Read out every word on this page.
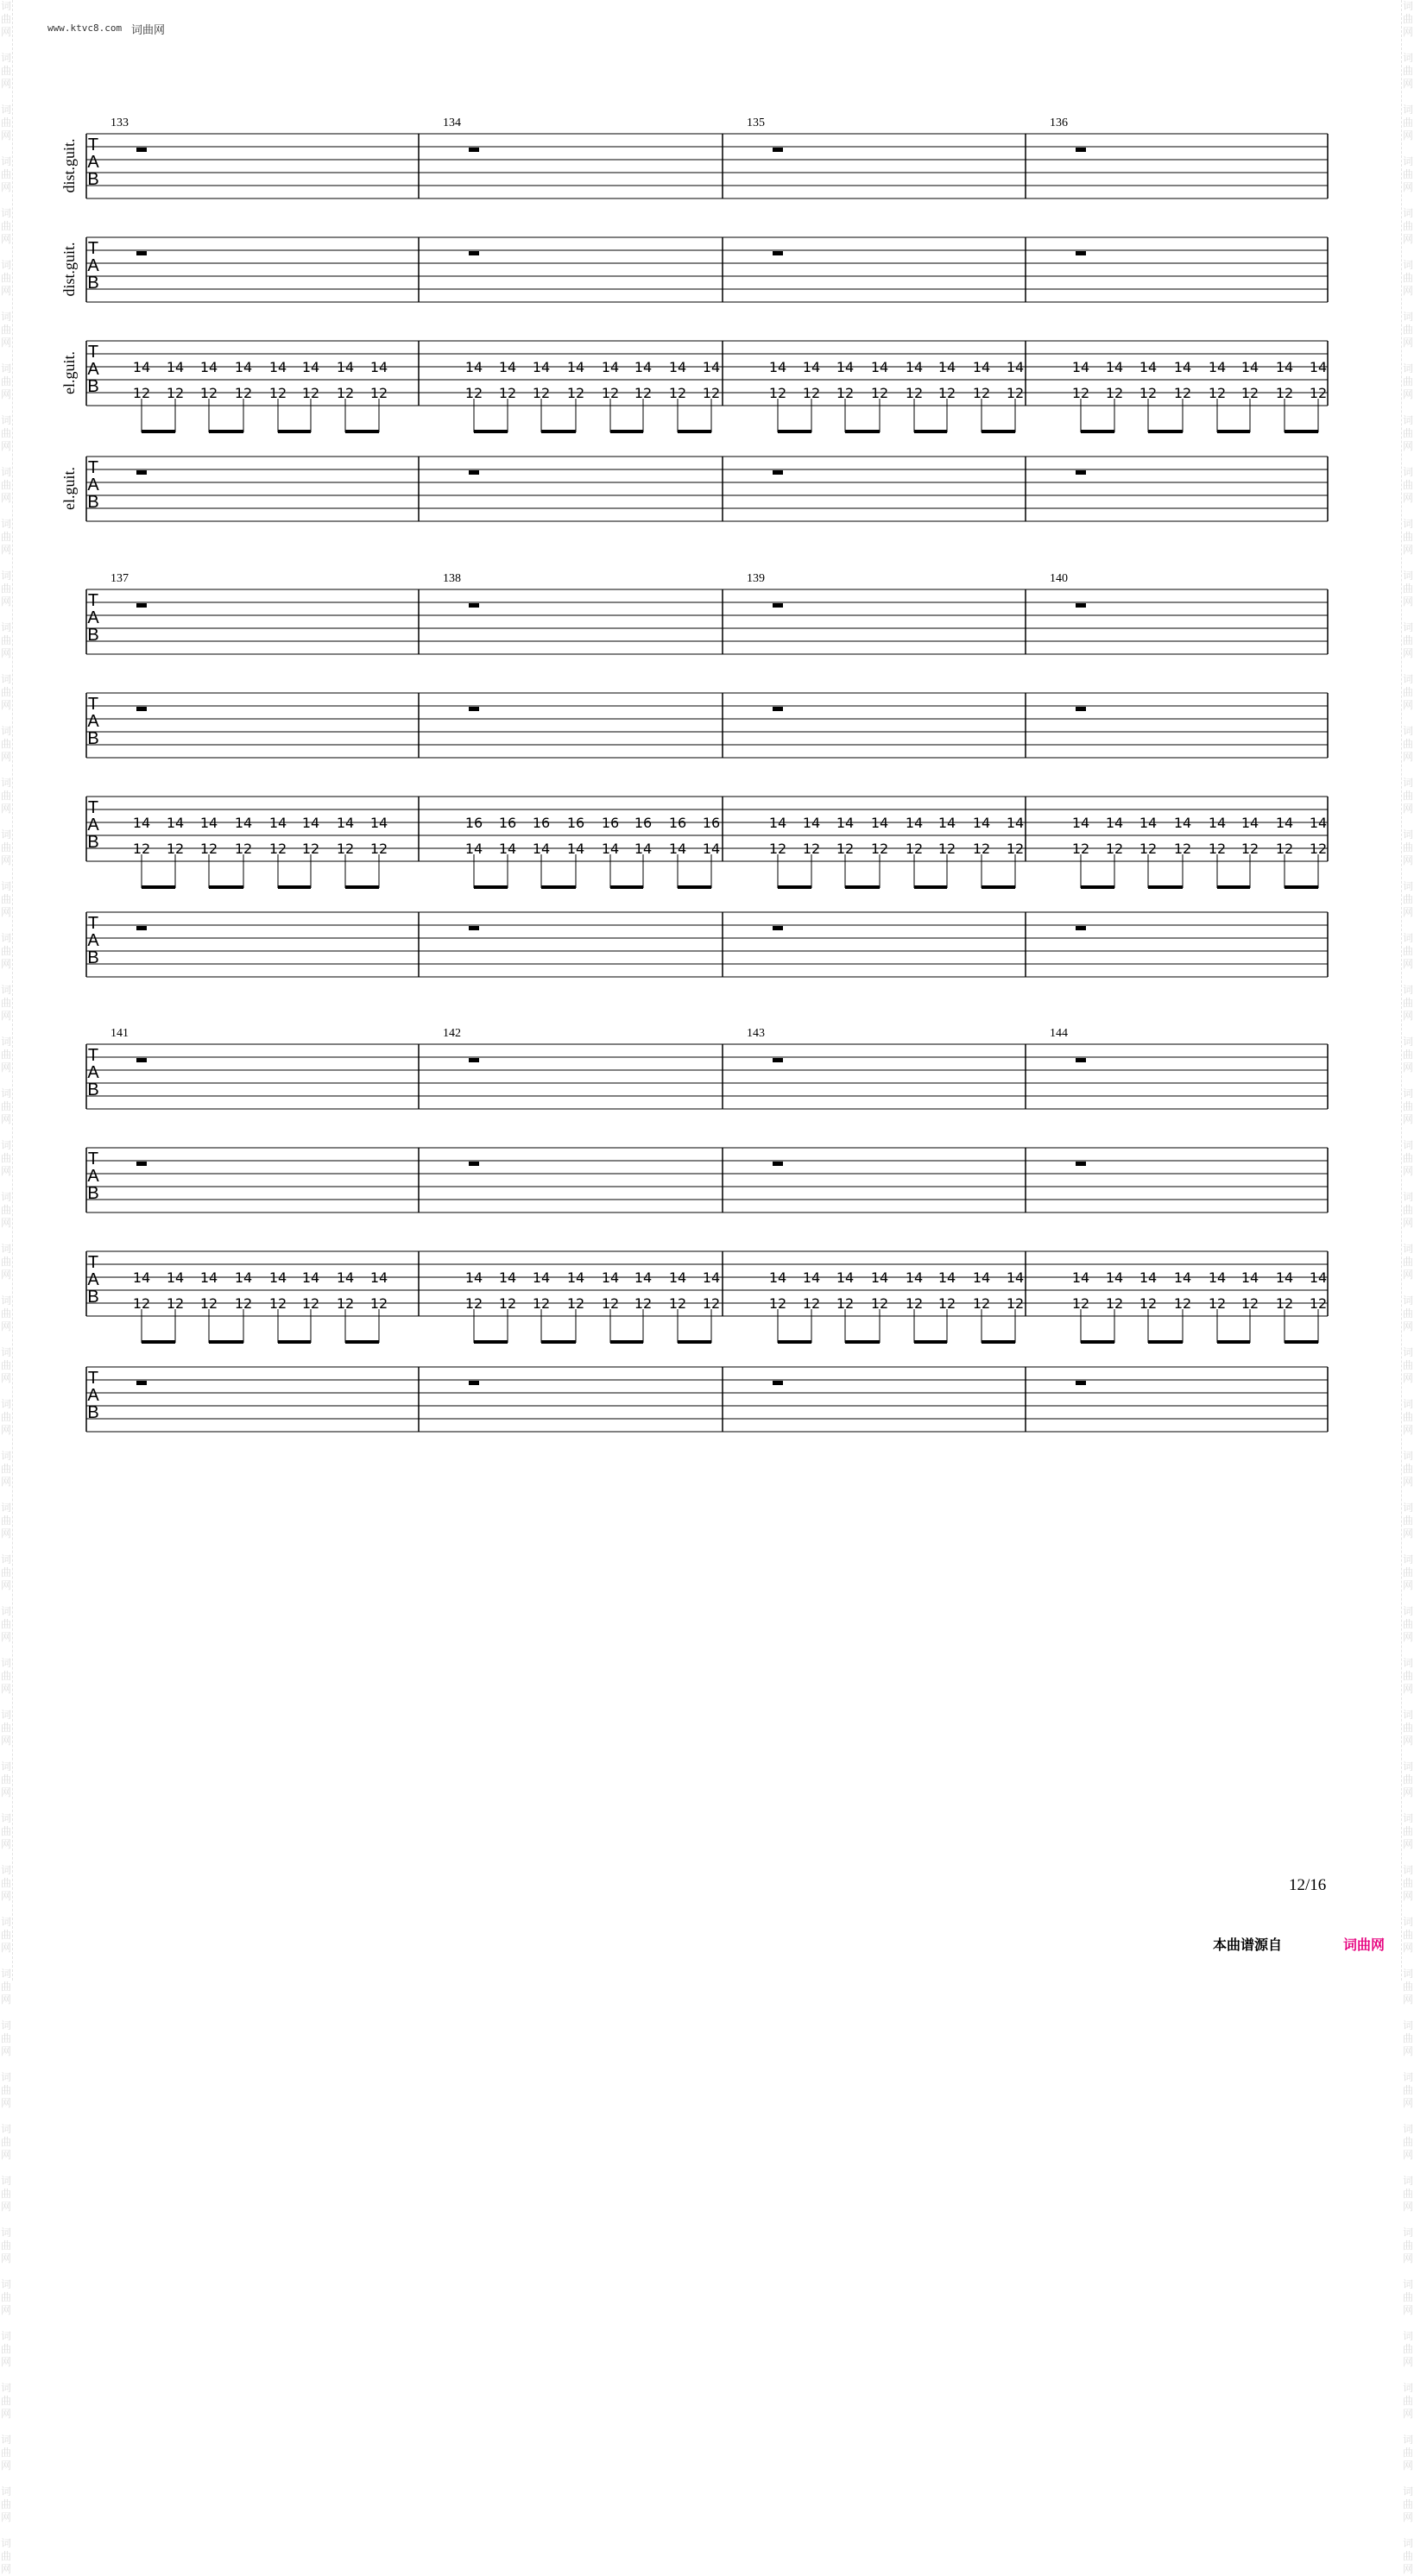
词
曲
网
词
曲
网
词
曲
网
词
曲
网
词
曲
网
词
曲
网
词
曲
网
词
曲
网
词
曲
网
词
曲
网
词
曲
网
词
曲
网
词
曲
网
词
曲
网
词
曲
网
词
曲
网
词
曲
网
词
曲
网
词
曲
网
词
曲
网
词
曲
网
词
曲
网
词
曲
网
词
曲
网
词
曲
网
词
曲
网
词
曲
网
词
曲
网
词
曲
网
词
曲
网
词
曲
网
词
曲
网
词
曲
网
词
曲
网
词
曲
网
词
曲
网
词
曲
网
词
曲
网
词
曲
网
词
曲
网
词
曲
网
词
曲
网
词
曲
网
词
曲
网
词
曲
网
词
曲
网
词
曲
网
词
曲
网
词
曲
网
词
曲
网
词
曲
网
词
曲
网
词
曲
网
词
曲
网
词
曲
网
词
曲
网
词
曲
网
词
曲
网
词
曲
网
词
曲
网
词
曲
网
词
曲
网
词
曲
网
词
曲
网
词
曲
网
词
曲
网
词
曲
网
词
曲
网
词
曲
网
词
曲
网
词
曲
网
词
曲
网
词
曲
网
词
曲
网
词
曲
网
词
曲
网
词
曲
网
词
曲
网
词
曲
网
词
曲
网
词
曲
网
词
曲
网
词
曲
网
词
曲
网
词
曲
网
词
曲
网
词
曲
网
词
曲
网
词
曲
网
词
曲
网
词
曲
网
词
曲
网
词
曲
网
词
曲
网
词
曲
网
词
曲
网
词
曲
网
词
曲
网
词
曲
网
词
曲
网
www.ktvc8.com 词曲网
133	134	135	136
T
A
B
dist.guit.
T
A
B
dist.guit.
T
A
B
el.guit.	14
12
14
12
14
12
14
12
14
12
14
12
14
12
14
12
14
12
14
12
14
12
14
12
14
12
14
12
14
12
14
12
14
12
14
12
14
12
14
12
14
12
14
12
14
12
14
12
14
12
14
12
14
12
14
12
14
12
14
12
14
12
14
12
T
A
B
el.guit.
137	138	139	140
T
A
B
T
A
B
T
A
B
14
12
14
12
14
12
14
12
14
12
14
12
14
12
14
12
16
14
16
14
16
14
16
14
16
14
16
14
16
14
16
14
14
12
14
12
14
12
14
12
14
12
14
12
14
12
14
12
14
12
14
12
14
12
14
12
14
12
14
12
14
12
14
12
T
A
B
141	142	143	144
T
A
B
T
A
B
T
A
B
14
12
14
12
14
12
14
12
14
12
14
12
14
12
14
12
14
12
14
12
14
12
14
12
14
12
14
12
14
12
14
12
14
12
14
12
14
12
14
12
14
12
14
12
14
12
14
12
14
12
14
12
14
12
14
12
14
12
14
12
14
12
14
12
T
A
B
12/16
本曲谱源自	词曲网
